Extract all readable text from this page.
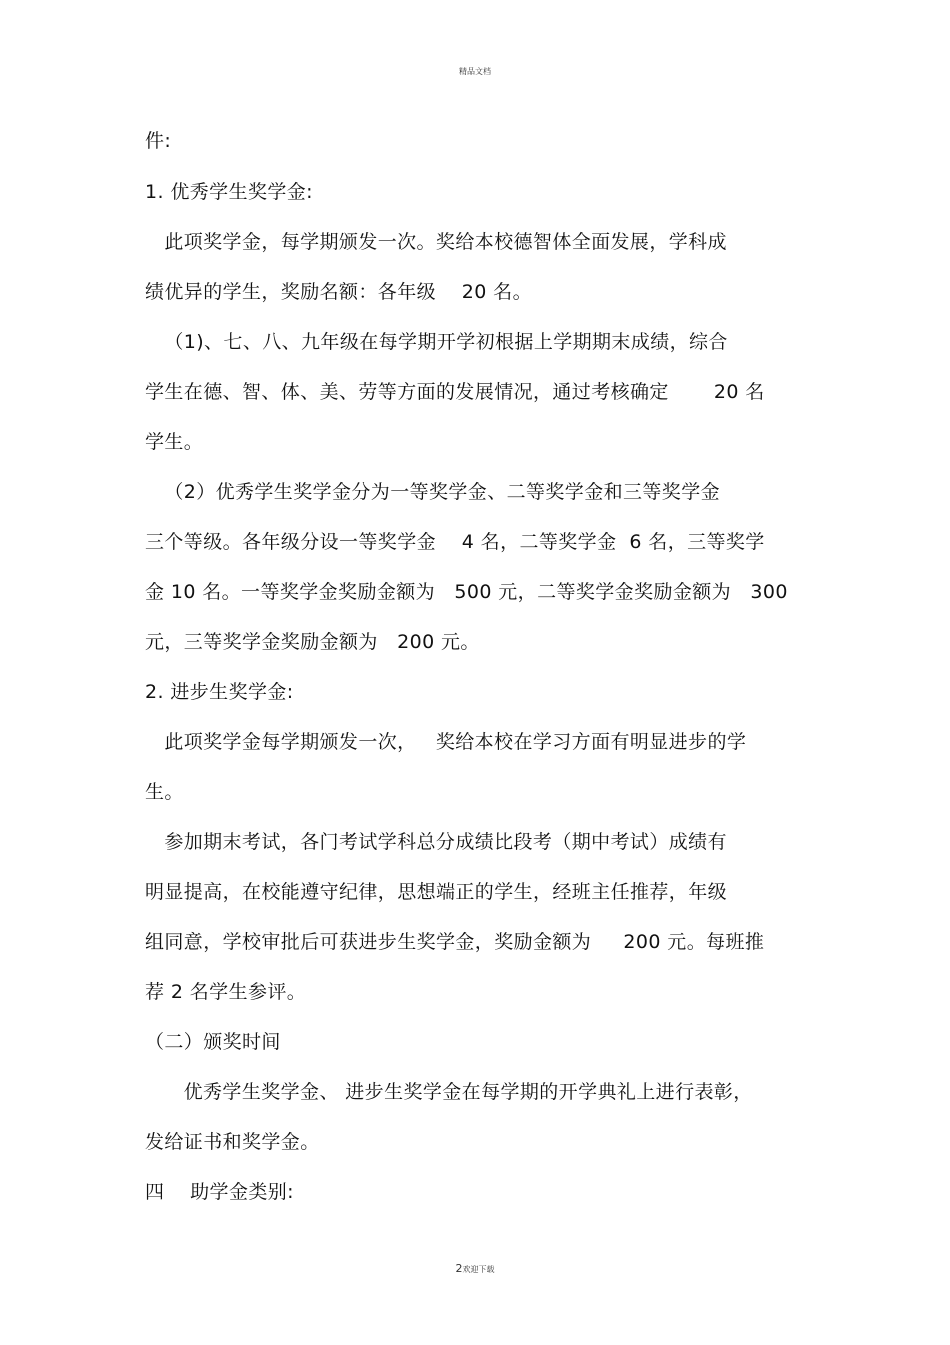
精品文档
件:
1. 优秀学生奖学金:
此项奖学金，每学期颁发一次。奖给本校德智体全面发展，学科成
绩优异的学生，奖励名额：各年级    20 名。
（1)、七、八、九年级在每学期开学初根据上学期期末成绩，综合
学生在德、智、体、美、劳等方面的发展情况，通过考核确定       20 名
学生。
（2）优秀学生奖学金分为一等奖学金、二等奖学金和三等奖学金
三个等级。各年级分设一等奖学金    4 名，二等奖学金  6 名，三等奖学
金 10 名。一等奖学金奖励金额为   500 元，二等奖学金奖励金额为   300
元，三等奖学金奖励金额为   200 元。
2. 进步生奖学金:
此项奖学金每学期颁发一次，   奖给本校在学习方面有明显进步的学
生。
参加期末考试，各门考试学科总分成绩比段考（期中考试）成绩有
明显提高，在校能遵守纪律，思想端正的学生，经班主任推荐，年级
组同意，学校审批后可获进步生奖学金，奖励金额为     200 元。每班推
荐 2 名学生参评。
（二）颁奖时间
优秀学生奖学金、 进步生奖学金在每学期的开学典礼上进行表彰，
发给证书和奖学金。
四    助学金类别:
2欢迎下载
